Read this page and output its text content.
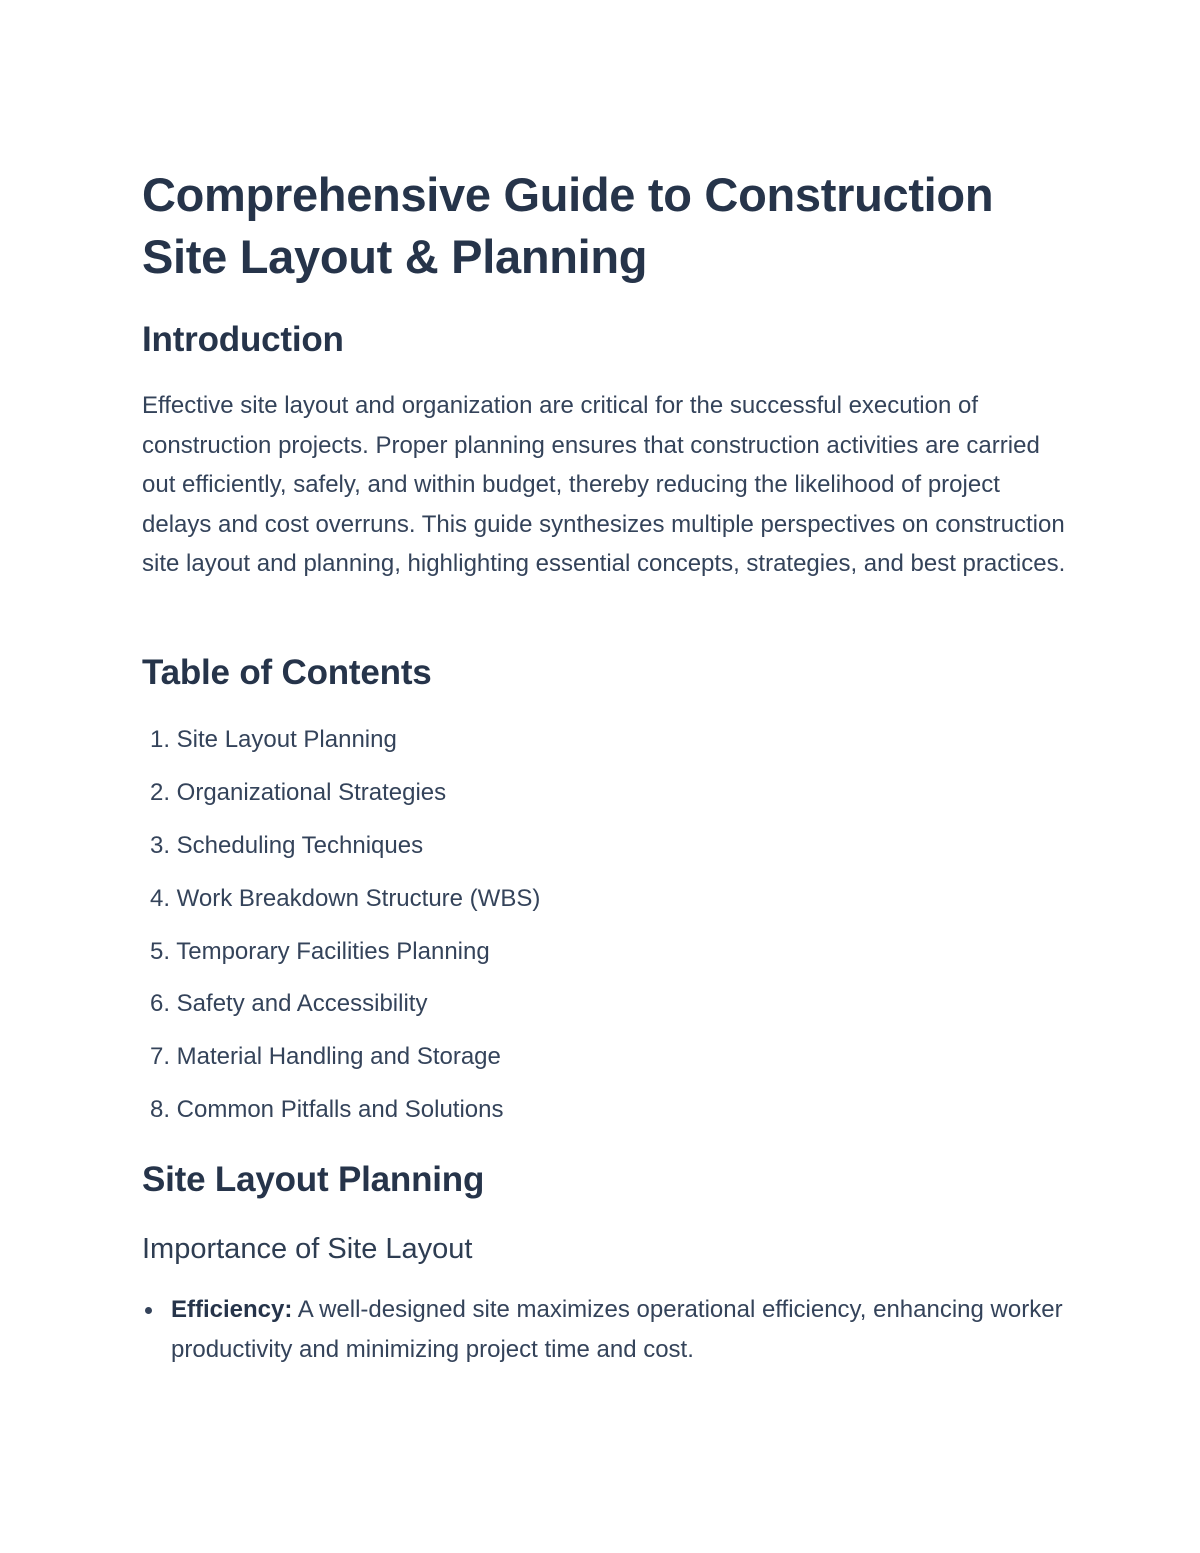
Comprehensive Guide to Construction Site Layout & Planning
Introduction

Effective site layout and organization are critical for the successful execution of construction projects. Proper planning ensures that construction activities are carried out efficiently, safely, and within budget, thereby reducing the likelihood of project delays and cost overruns. This guide synthesizes multiple perspectives on construction site layout and planning, highlighting essential concepts, strategies, and best practices.

Table of Contents
1. Site Layout Planning
2. Organizational Strategies
3. Scheduling Techniques
4. Work Breakdown Structure (WBS)
5. Temporary Facilities Planning
6. Safety and Accessibility
7. Material Handling and Storage
8. Common Pitfalls and Solutions
Site Layout Planning
Importance of Site Layout
Efficiency: A well-designed site maximizes operational efficiency, enhancing worker productivity and minimizing project time and cost.
